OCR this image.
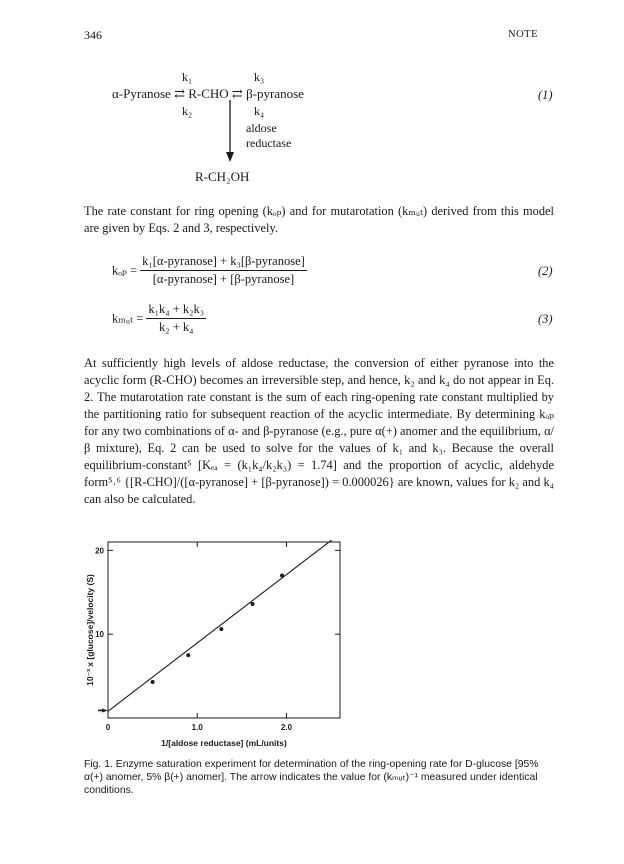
346	NOTE
k₁	k₃
α-Pyranose ⇄ R-CHO ⇄ β-pyranose	(1)
k₂	k₄
aldose
reductase
R-CH₂OH
The rate constant for ring opening (kₒₚ) and for mutarotation (kₘᵤₜ) derived from this model are given by Eqs. 2 and 3, respectively.
$k_{op} = \frac{\text{k₁[α-pyranose] + k₃[β-pyranose]}}{\text{[α-pyranose] + [β-pyranose]}}$	(2)
kₘᵤₜ = $\frac{\text{k₁k₄ + k₂k₃}}{\text{k₂ + k₄}}$	(3)
At sufficiently high levels of aldose reductase, the conversion of either pyranose into the acyclic form (R-CHO) becomes an irreversible step, and hence, k₂ and k₄ do not appear in Eq. 2. The mutarotation rate constant is the sum of each ring-opening rate constant multiplied by the partitioning ratio for subsequent reaction of the acyclic intermediate. By determining kₒₚ for any two combinations of α- and β-pyranose (e.g., pure α(+) anomer and the equilibrium, α/β mixture), Eq. 2 can be used to solve for the values of k₁ and k₃. Because the overall equilibrium-constant⁵ [Kₑₐ = (k₁k₄/k₂k₃) = 1.74] and the proportion of acyclic, aldehyde form⁵˒⁶ {[R-CHO]/([α-pyranose] + [β-pyranose]) = 0.000026} are known, values for k₂ and k₄ can also be calculated.
0	1.0	2.0
10
20
1/[aldose reductase] (mL/units)
10⁻³ x [glucose]/velocity (S)
Fig. 1. Enzyme saturation experiment for determination of the ring-opening rate for D-glucose [95% α(+) anomer, 5% β(+) anomer]. The arrow indicates the value for (kₘᵤₜ)⁻¹ measured under identical conditions.
